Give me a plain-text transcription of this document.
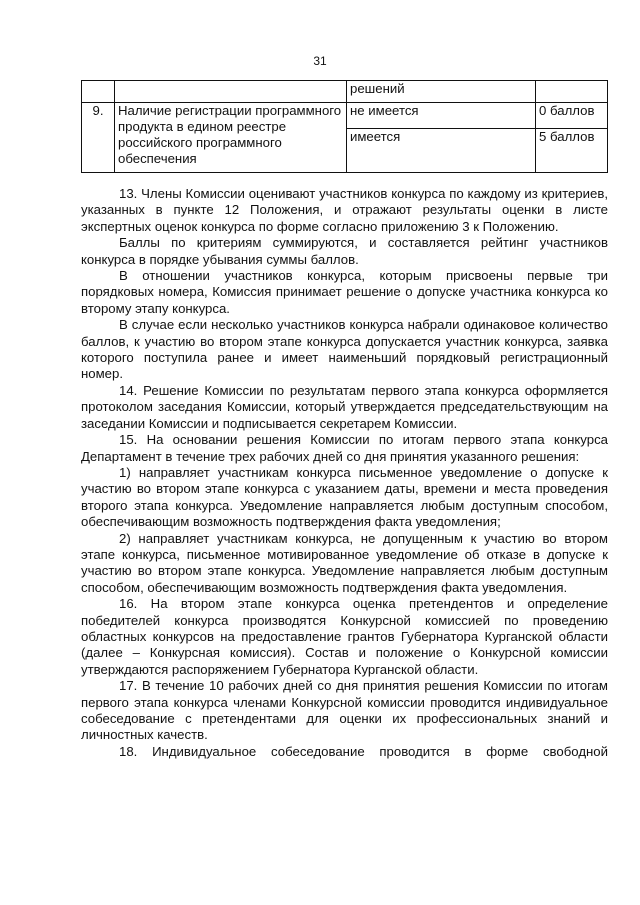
31
		решений	
9.	Наличие регистрации программного продукта в едином реестре российского программного обеспечения	не имеется	0 баллов
		имеется	5 баллов

13. Члены Комиссии оценивают участников конкурса по каждому из критериев, указанных в пункте 12 Положения, и отражают результаты оценки в листе экспертных оценок конкурса по форме согласно приложению 3 к Положению.

Баллы по критериям суммируются, и составляется рейтинг участников конкурса в порядке убывания суммы баллов.

В отношении участников конкурса, которым присвоены первые три порядковых номера, Комиссия принимает решение о допуске участника конкурса ко второму этапу конкурса.

В случае если несколько участников конкурса набрали одинаковое количество баллов, к участию во втором этапе конкурса допускается участник конкурса, заявка которого поступила ранее и имеет наименьший порядковый регистрационный номер.

14. Решение Комиссии по результатам первого этапа конкурса оформляется протоколом заседания Комиссии, который утверждается председательствующим на заседании Комиссии и подписывается секретарем Комиссии.

15. На основании решения Комиссии по итогам первого этапа конкурса Департамент в течение трех рабочих дней со дня принятия указанного решения:

1) направляет участникам конкурса письменное уведомление о допуске к участию во втором этапе конкурса с указанием даты, времени и места проведения второго этапа конкурса. Уведомление направляется любым доступным способом, обеспечивающим возможность подтверждения факта уведомления;

2) направляет участникам конкурса, не допущенным к участию во втором этапе конкурса, письменное мотивированное уведомление об отказе в допуске к участию во втором этапе конкурса. Уведомление направляется любым доступным способом, обеспечивающим возможность подтверждения факта уведомления.

16. На втором этапе конкурса оценка претендентов и определение победителей конкурса производятся Конкурсной комиссией по проведению областных конкурсов на предоставление грантов Губернатора Курганской области (далее – Конкурсная комиссия). Состав и положение о Конкурсной комиссии утверждаются распоряжением Губернатора Курганской области.

17. В течение 10 рабочих дней со дня принятия решения Комиссии по итогам первого этапа конкурса членами Конкурсной комиссии проводится индивидуальное собеседование с претендентами для оценки их профессиональных знаний и личностных качеств.

18. Индивидуальное собеседование проводится в форме свободной
